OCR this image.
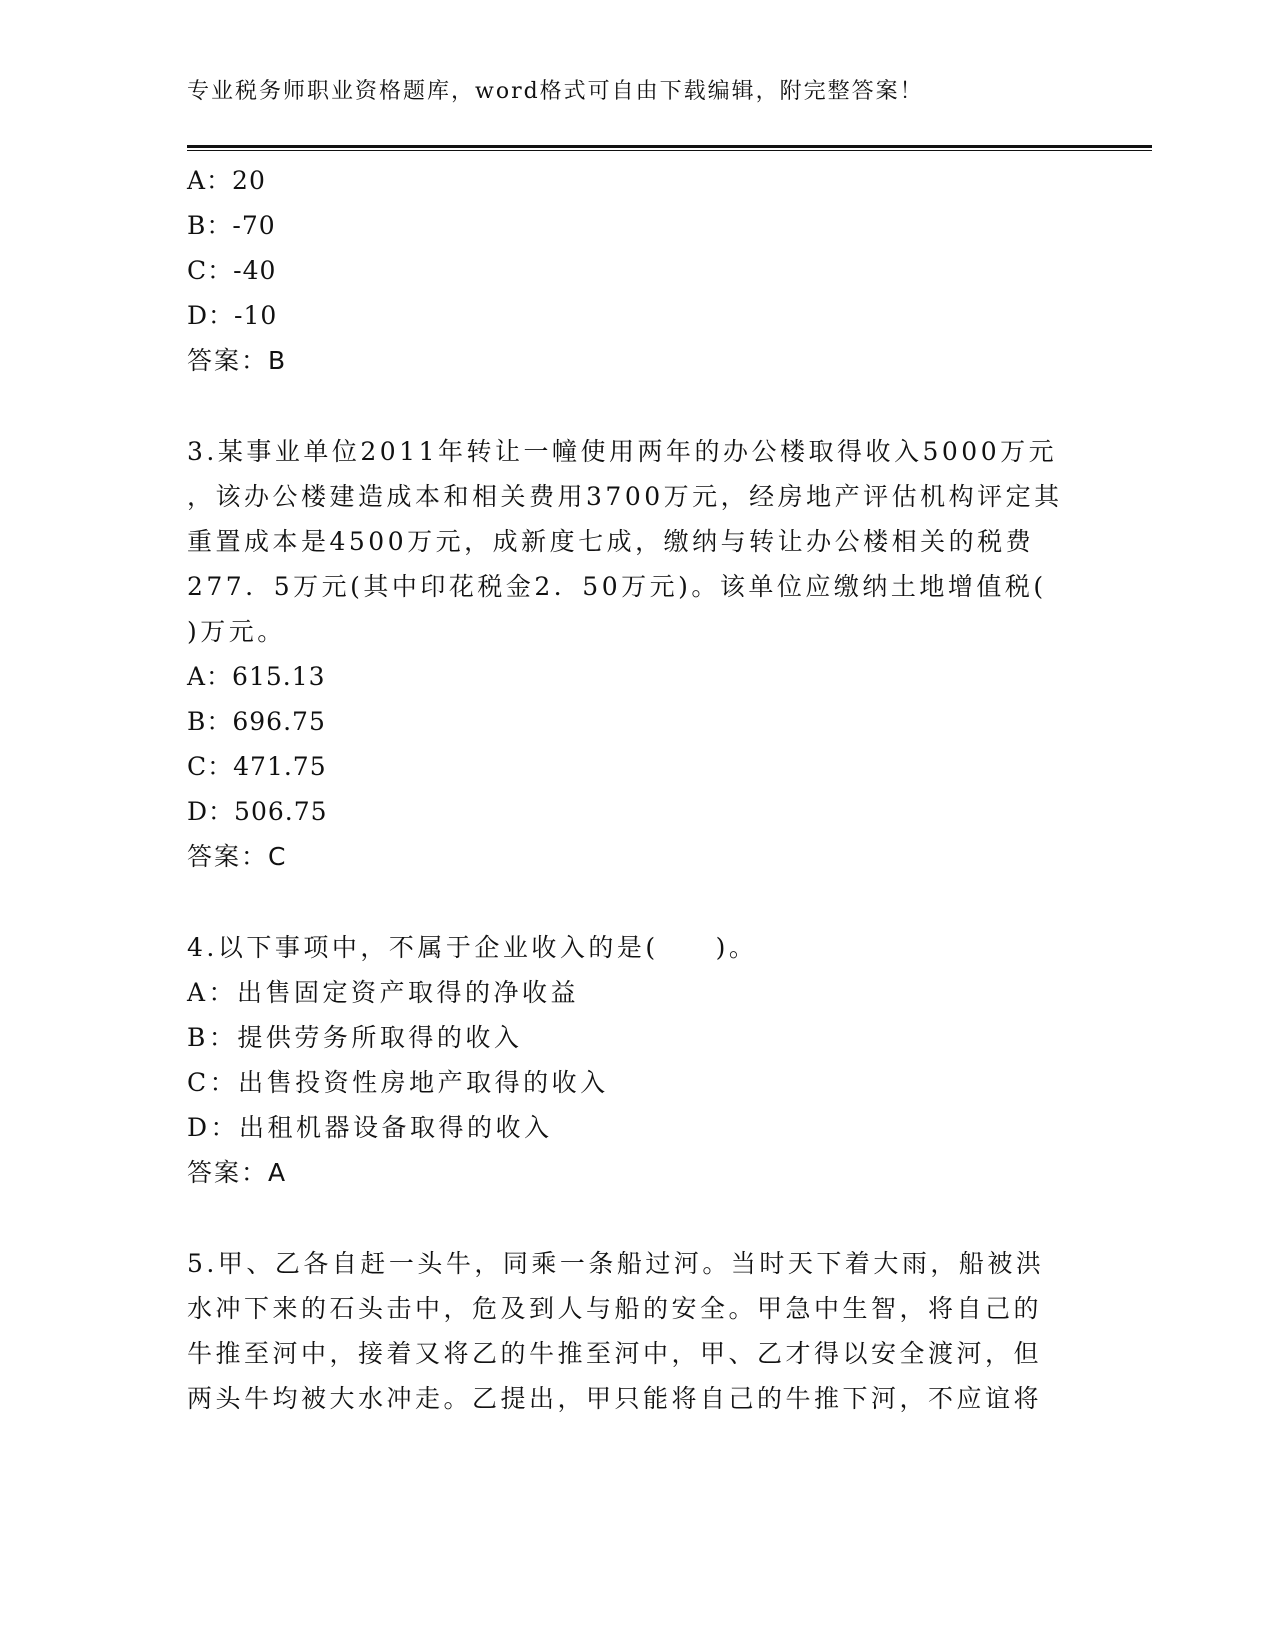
专业税务师职业资格题库，word格式可自由下载编辑，附完整答案！
A：20
B：-70
C：-40
D：-10
答案：B
3.某事业单位2011年转让一幢使用两年的办公楼取得收入5000万元
，该办公楼建造成本和相关费用3700万元，经房地产评估机构评定其
重置成本是4500万元，成新度七成，缴纳与转让办公楼相关的税费
277．5万元(其中印花税金2．50万元)。该单位应缴纳土地增值税(
)万元。
A：615.13
B：696.75
C：471.75
D：506.75
答案：C
4.以下事项中，不属于企业收入的是(　　)。
A：出售固定资产取得的净收益
B：提供劳务所取得的收入
C：出售投资性房地产取得的收入
D：出租机器设备取得的收入
答案：A
5.甲、乙各自赶一头牛，同乘一条船过河。当时天下着大雨，船被洪
水冲下来的石头击中，危及到人与船的安全。甲急中生智，将自己的
牛推至河中，接着又将乙的牛推至河中，甲、乙才得以安全渡河，但
两头牛均被大水冲走。乙提出，甲只能将自己的牛推下河，不应谊将
